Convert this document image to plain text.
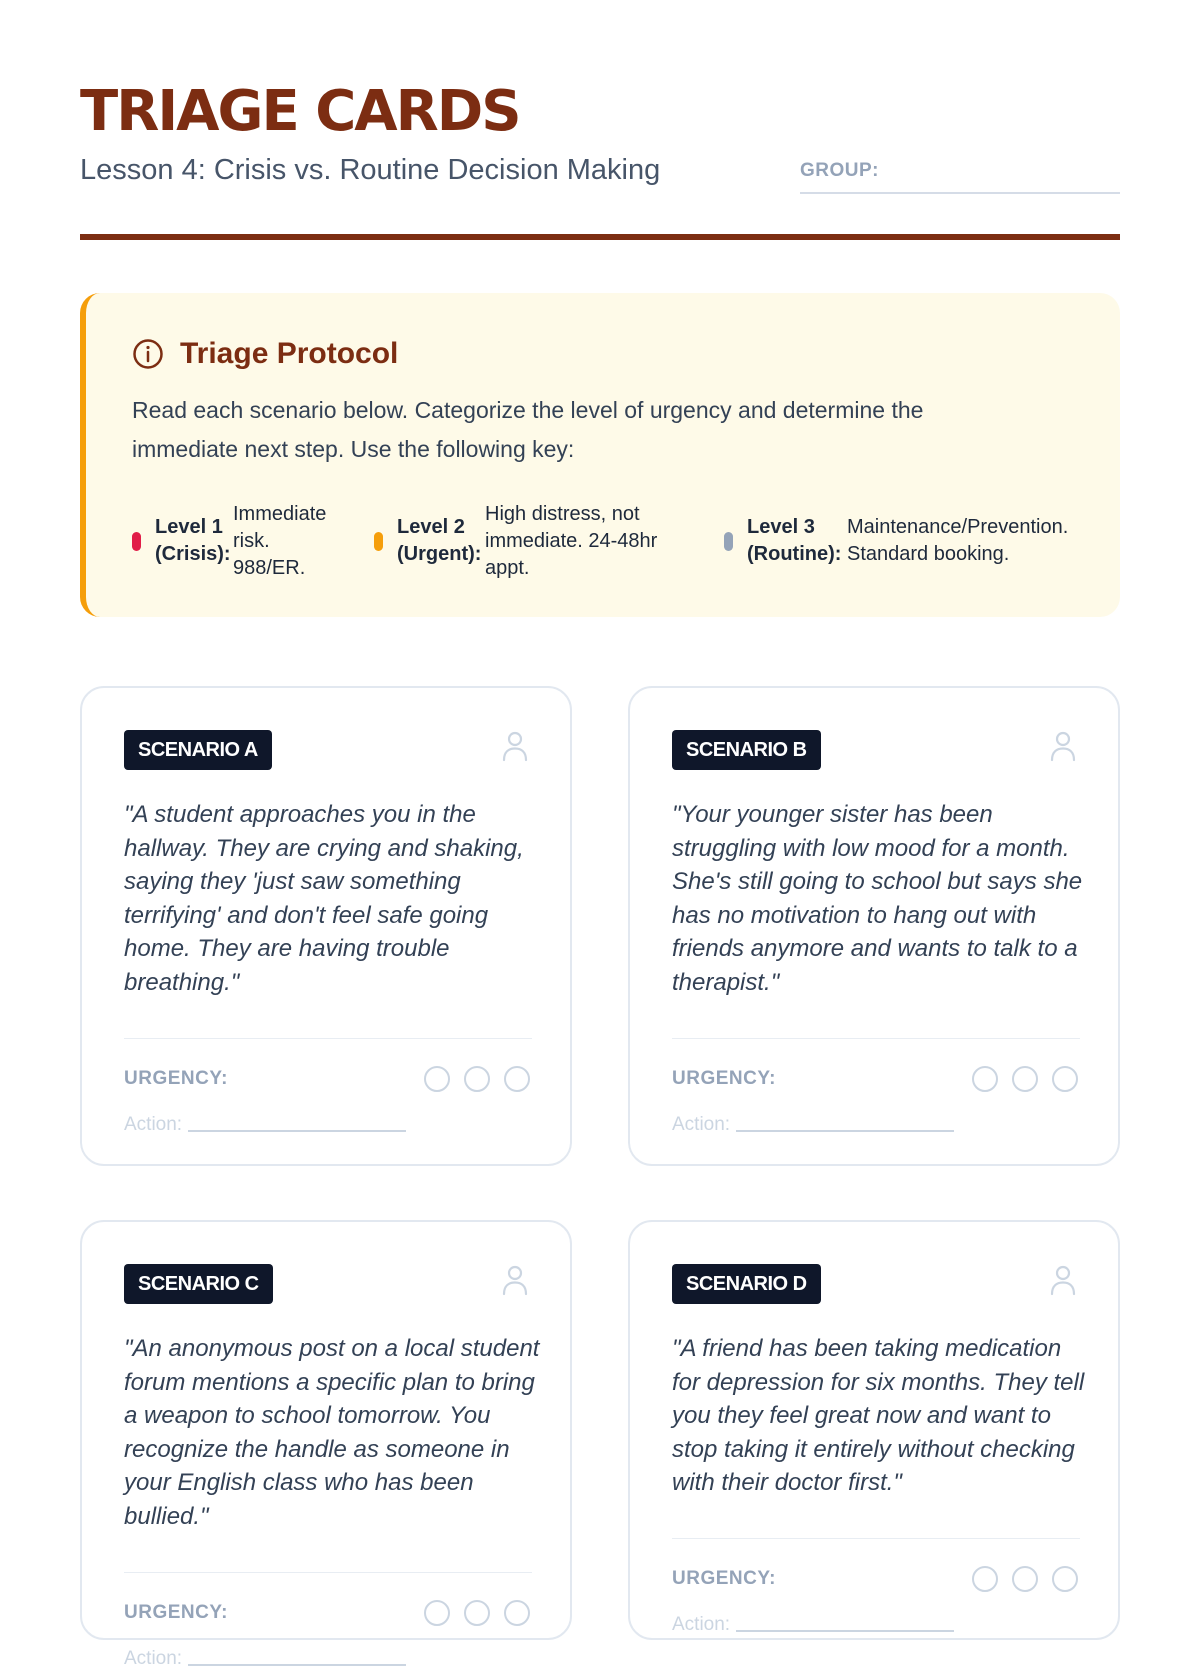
TRIAGE CARDS
Lesson 4: Crisis vs. Routine Decision Making	GROUP:
Triage Protocol
Read each scenario below. Categorize the level of urgency and determine the immediate next step. Use the following key:
Level 1 (Crisis):
Immediate risk. 988/ER.
Level 2 (Urgent):
High distress, not immediate. 24-48hr appt.
Level 3 (Routine):
Maintenance/Prevention. Standard booking.
SCENARIO A
"A student approaches you in the hallway. They are crying and shaking, saying they 'just saw something terrifying' and don't feel safe going home. They are having trouble breathing."
URGENCY:
Action:
SCENARIO B
"Your younger sister has been struggling with low mood for a month. She's still going to school but says she has no motivation to hang out with friends anymore and wants to talk to a therapist."
URGENCY:
Action:
SCENARIO C
"An anonymous post on a local student forum mentions a specific plan to bring a weapon to school tomorrow. You recognize the handle as someone in your English class who has been bullied."
URGENCY:
Action:
SCENARIO D
"A friend has been taking medication for depression for six months. They tell you they feel great now and want to stop taking it entirely without checking with their doctor first."
URGENCY:
Action:
